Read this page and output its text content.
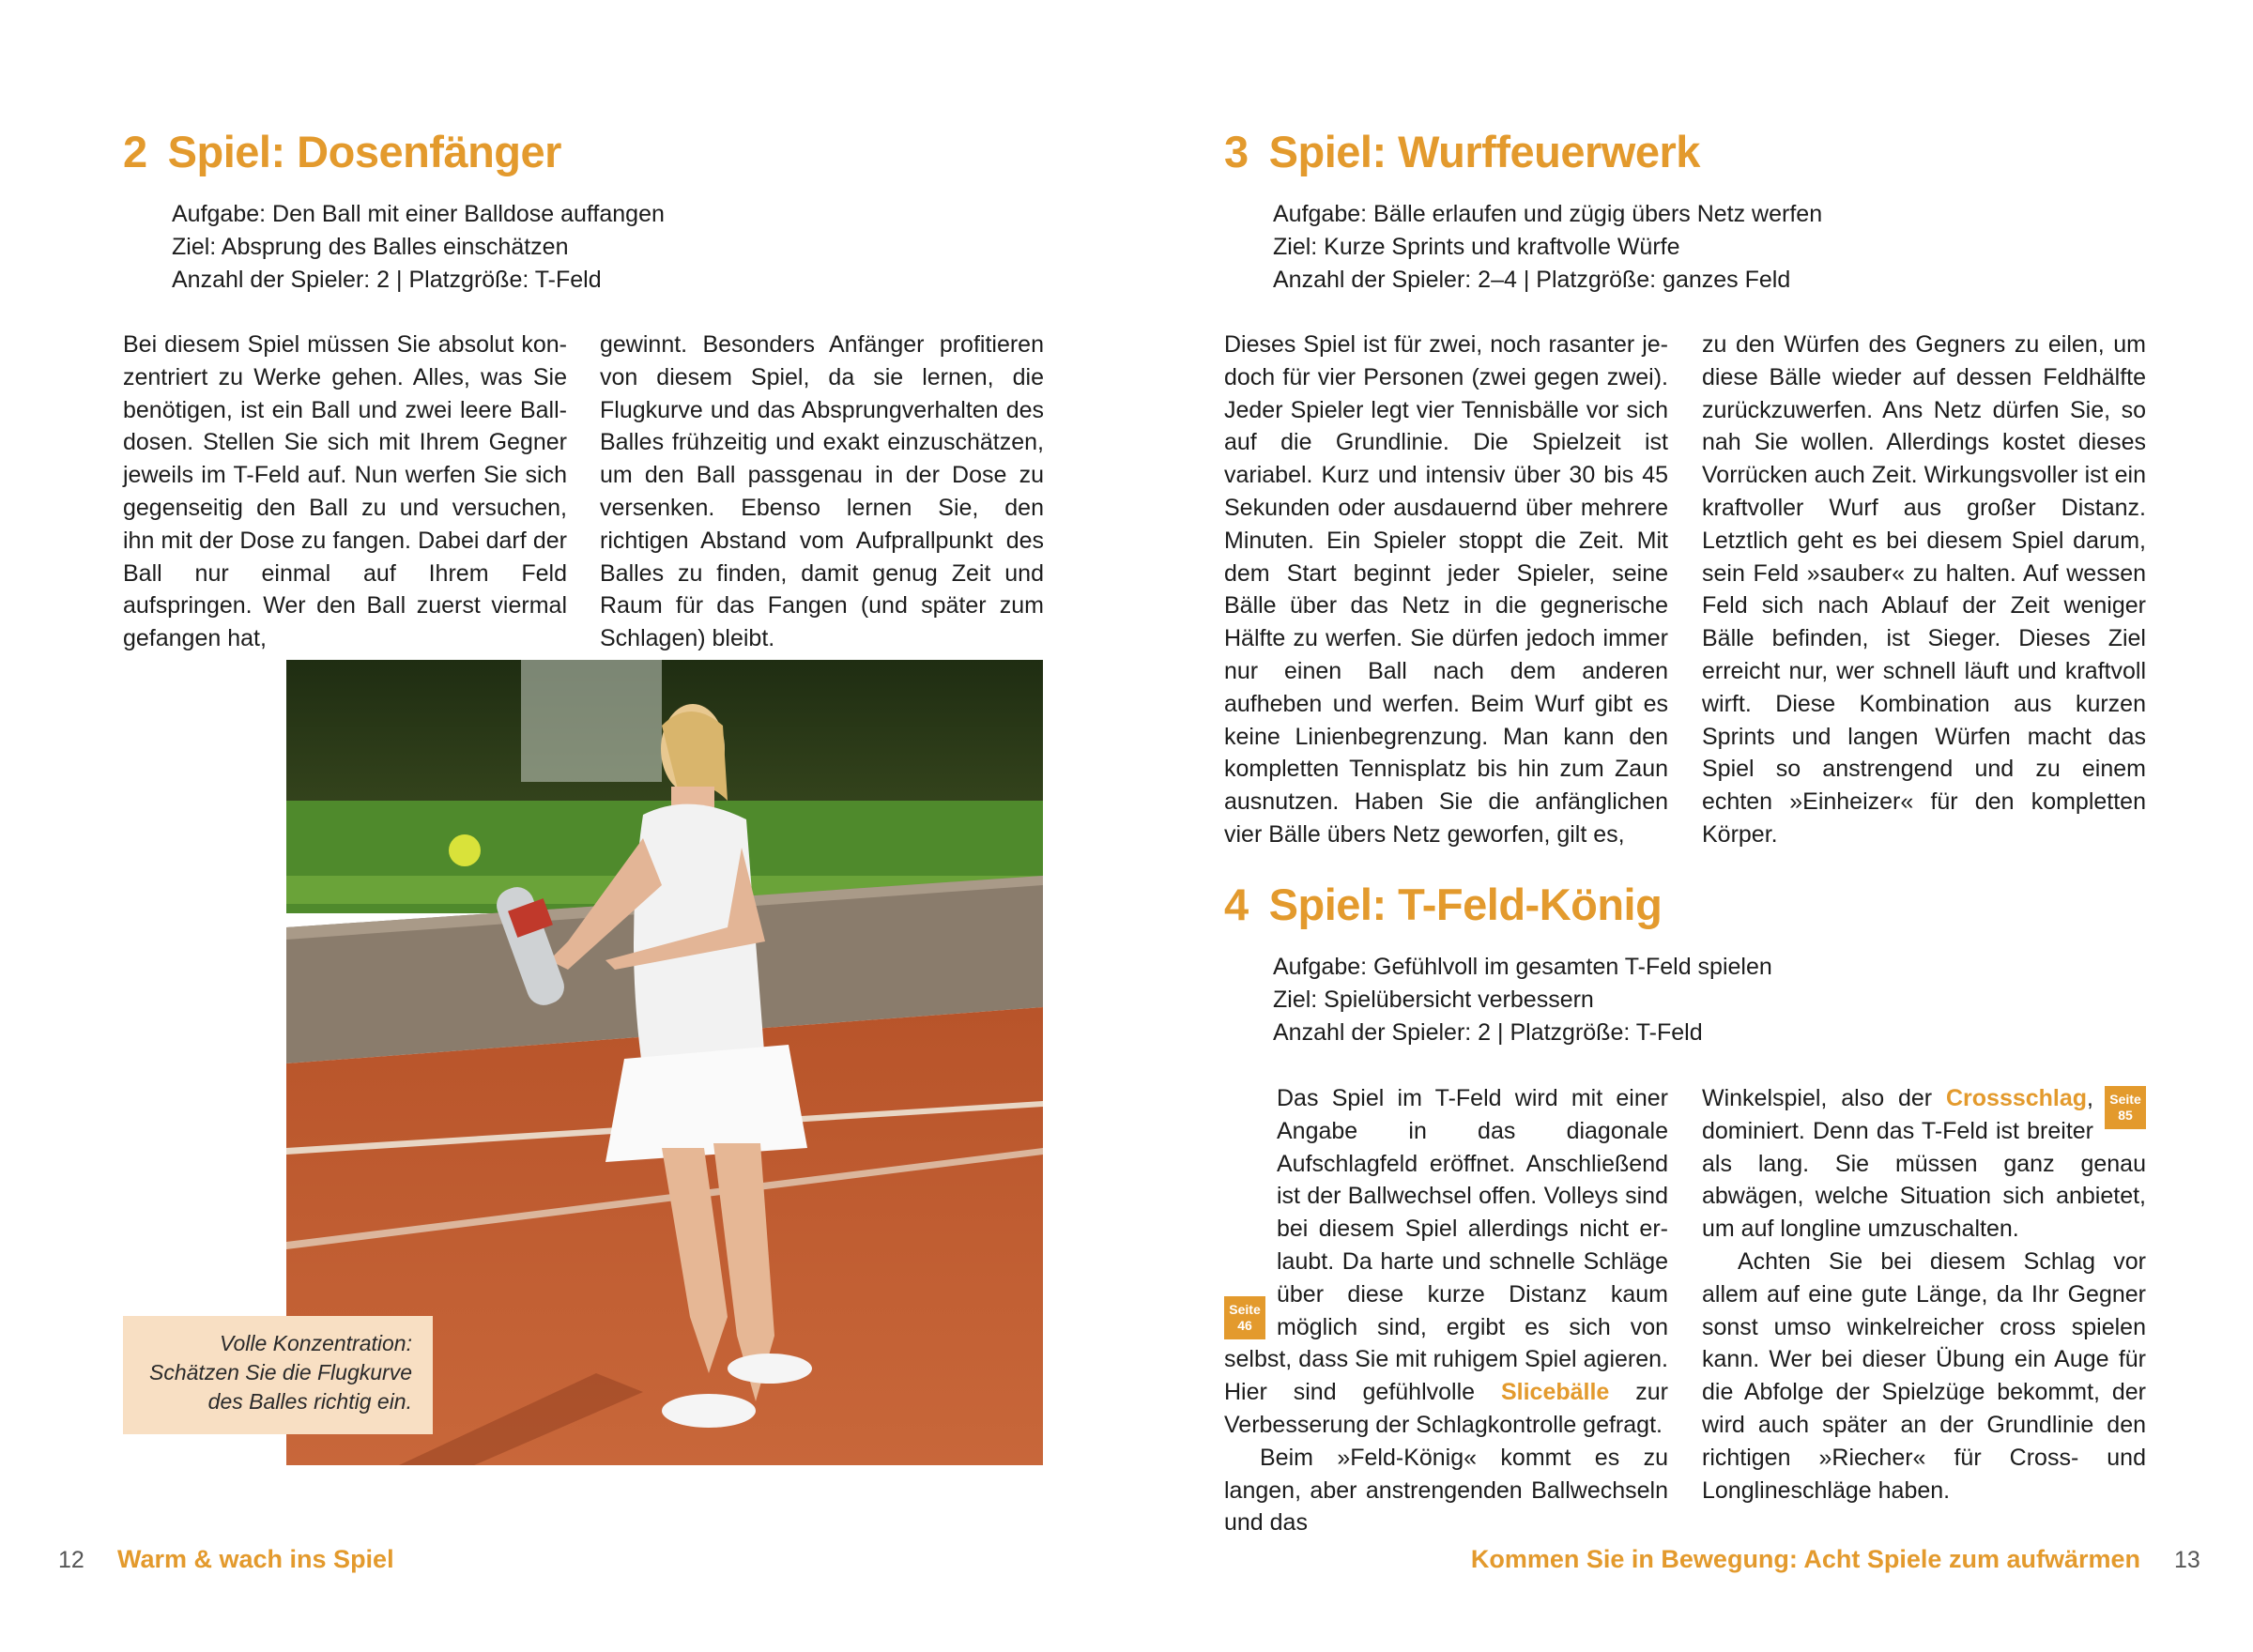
2 Spiel: Dosenfänger
Aufgabe: Den Ball mit einer Balldose auffangen
Ziel: Absprung des Balles einschätzen
Anzahl der Spieler: 2 | Platzgröße: T-Feld

Bei diesem Spiel müssen Sie absolut konzentriert zu Werke gehen. Alles, was Sie benötigen, ist ein Ball und zwei leere Balldosen. Stellen Sie sich mit Ihrem Gegner jeweils im T-Feld auf. Nun werfen Sie sich gegenseitig den Ball zu und versuchen, ihn mit der Dose zu fangen. Dabei darf der Ball nur einmal auf Ihrem Feld aufspringen. Wer den Ball zuerst viermal gefangen hat,

gewinnt. Besonders Anfänger profitieren von diesem Spiel, da sie lernen, die Flugkurve und das Absprungverhalten des Balles frühzeitig und exakt einzuschätzen, um den Ball passgenau in der Dose zu versenken. Ebenso lernen Sie, den richtigen Abstand vom Aufprallpunkt des Balles zu finden, damit genug Zeit und Raum für das Fangen (und später zum Schlagen) bleibt.

Volle Konzentration:
Schätzen Sie die Flugkurve
des Balles richtig ein.
12 Warm & wach ins Spiel
3 Spiel: Wurffeuerwerk
Aufgabe: Bälle erlaufen und zügig übers Netz werfen
Ziel: Kurze Sprints und kraftvolle Würfe
Anzahl der Spieler: 2–4 | Platzgröße: ganzes Feld

Dieses Spiel ist für zwei, noch rasanter jedoch für vier Personen (zwei gegen zwei). Jeder Spieler legt vier Tennisbälle vor sich auf die Grundlinie. Die Spielzeit ist variabel. Kurz und intensiv über 30 bis 45 Sekunden oder ausdauernd über mehrere Minuten. Ein Spieler stoppt die Zeit. Mit dem Start beginnt jeder Spieler, seine Bälle über das Netz in die gegnerische Hälfte zu werfen. Sie dürfen jedoch immer nur einen Ball nach dem anderen aufheben und werfen. Beim Wurf gibt es keine Linienbegrenzung. Man kann den kompletten Tennisplatz bis hin zum Zaun ausnutzen. Haben Sie die anfänglichen vier Bälle übers Netz geworfen, gilt es,

zu den Würfen des Gegners zu eilen, um diese Bälle wieder auf dessen Feldhälfte zurückzuwerfen. Ans Netz dürfen Sie, so nah Sie wollen. Allerdings kostet dieses Vorrücken auch Zeit. Wirkungsvoller ist ein kraftvoller Wurf aus großer Distanz. Letztlich geht es bei diesem Spiel darum, sein Feld »sauber« zu halten. Auf wessen Feld sich nach Ablauf der Zeit weniger Bälle befinden, ist Sieger. Dieses Ziel erreicht nur, wer schnell läuft und kraftvoll wirft. Diese Kombination aus kurzen Sprints und langen Würfen macht das Spiel so anstrengend und zu einem echten »Einheizer« für den kompletten Körper.

4 Spiel: T-Feld-König
Aufgabe: Gefühlvoll im gesamten T-Feld spielen
Ziel: Spielübersicht verbessern
Anzahl der Spieler: 2 | Platzgröße: T-Feld

Seite
46
Das Spiel im T-Feld wird mit einer Angabe in das diagonale Aufschlagfeld eröffnet. Anschließend ist der Ballwechsel offen. Volleys sind bei diesem Spiel allerdings nicht erlaubt. Da harte und schnelle Schläge über diese kurze Distanz kaum möglich sind, ergibt es sich von selbst, dass Sie mit ruhigem Spiel agieren. Hier sind gefühlvolle Slicebälle zur Verbesserung der Schlagkontrolle gefragt.

Beim »Feld-König« kommt es zu langen, aber anstrengenden Ballwechseln und das

Seite
85
Winkelspiel, also der Crossschlag, dominiert. Denn das T-Feld ist breiter als lang. Sie müssen ganz genau abwägen, welche Situation sich anbietet, um auf longline umzuschalten.

Achten Sie bei diesem Schlag vor allem auf eine gute Länge, da Ihr Gegner sonst umso winkelreicher cross spielen kann. Wer bei dieser Übung ein Auge für die Abfolge der Spielzüge bekommt, der wird auch später an der Grundlinie den richtigen »Riecher« für Cross- und Longlineschläge haben.

Kommen Sie in Bewegung: Acht Spiele zum aufwärmen 13
